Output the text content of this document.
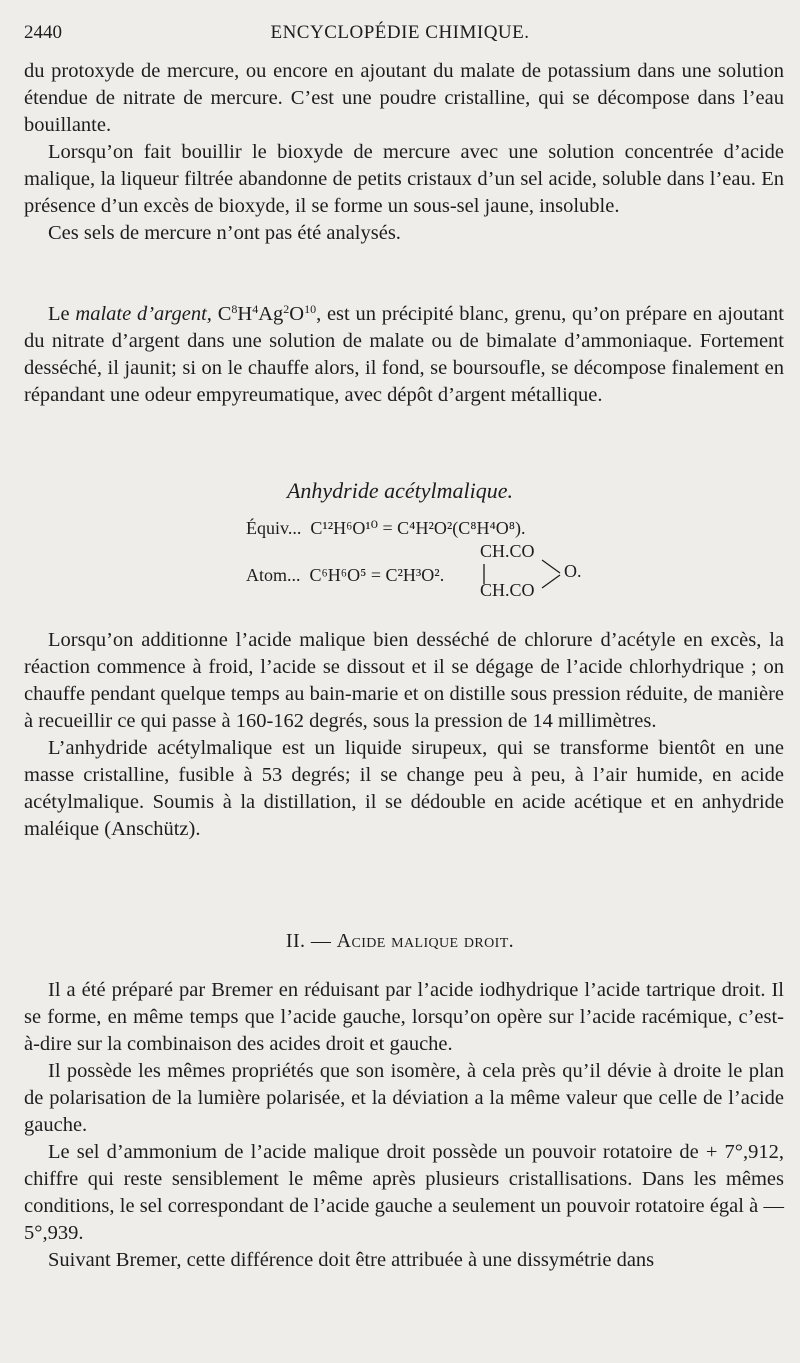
2440	ENCYCLOPÉDIE CHIMIQUE.

du protoxyde de mercure, ou encore en ajoutant du malate de potassium dans une solution étendue de nitrate de mercure. C’est une poudre cristalline, qui se décompose dans l’eau bouillante.

Lorsqu’on fait bouillir le bioxyde de mercure avec une solution concentrée d’acide malique, la liqueur filtrée abandonne de petits cristaux d’un sel acide, soluble dans l’eau. En présence d’un excès de bioxyde, il se forme un sous-sel jaune, insoluble.

Ces sels de mercure n’ont pas été analysés.

Le malate d’argent, $C^8H^4Ag^2O^{10}$, est un précipité blanc, grenu, qu’on prépare en ajoutant du nitrate d’argent dans une solution de malate ou de bimalate d’ammoniaque. Fortement desséché, il jaunit; si on le chauffe alors, il fond, se boursoufle, se décompose finalement en répandant une odeur empyreumatique, avec dépôt d’argent métallique.

Anhydride acétylmalique.
Équiv... C¹²H⁶O¹⁰ = C⁴H²O²(C⁸H⁴O⁸).
Atom... C⁶H⁶O⁵ = C²H³O².
CH.CO
CH.CO
O.

Lorsqu’on additionne l’acide malique bien desséché de chlorure d’acétyle en excès, la réaction commence à froid, l’acide se dissout et il se dégage de l’acide chlorhydrique ; on chauffe pendant quelque temps au bain-marie et on distille sous pression réduite, de manière à recueillir ce qui passe à 160-162 degrés, sous la pression de 14 millimètres.

L’anhydride acétylmalique est un liquide sirupeux, qui se transforme bientôt en une masse cristalline, fusible à 53 degrés; il se change peu à peu, à l’air humide, en acide acétylmalique. Soumis à la distillation, il se dédouble en acide acétique et en anhydride maléique (Anschütz).

II. — Acide malique droit.

Il a été préparé par Bremer en réduisant par l’acide iodhydrique l’acide tartrique droit. Il se forme, en même temps que l’acide gauche, lorsqu’on opère sur l’acide racémique, c’est-à-dire sur la combinaison des acides droit et gauche.

Il possède les mêmes propriétés que son isomère, à cela près qu’il dévie à droite le plan de polarisation de la lumière polarisée, et la déviation a la même valeur que celle de l’acide gauche.

Le sel d’ammonium de l’acide malique droit possède un pouvoir rotatoire de + 7°,912, chiffre qui reste sensiblement le même après plusieurs cristallisations. Dans les mêmes conditions, le sel correspondant de l’acide gauche a seulement un pouvoir rotatoire égal à — 5°,939.

Suivant Bremer, cette différence doit être attribuée à une dissymétrie dans
